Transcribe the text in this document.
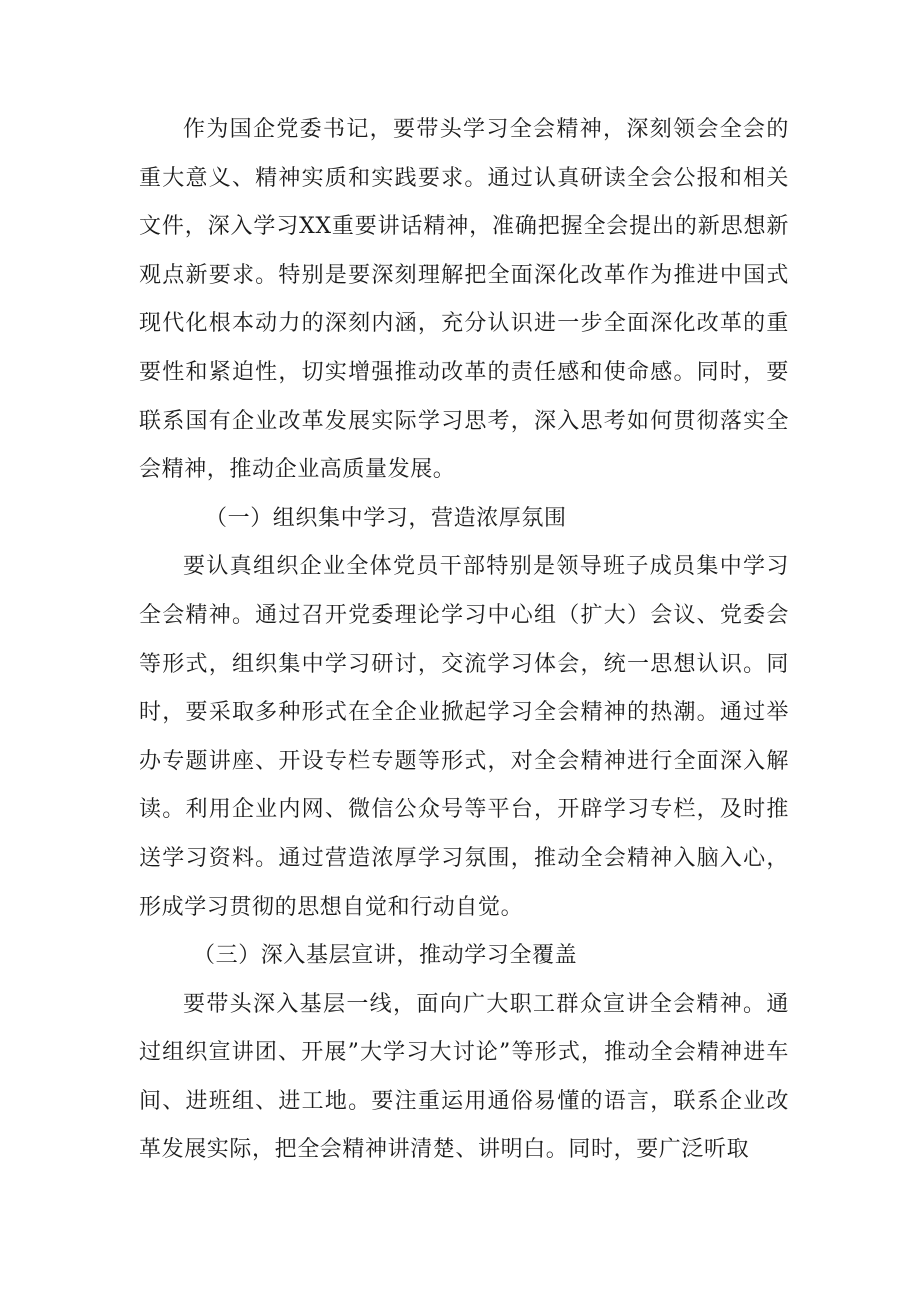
作为国企党委书记，要带头学习全会精神，深刻领会全会的重大意义、精神实质和实践要求。通过认真研读全会公报和相关文件，深入学习XX重要讲话精神，准确把握全会提出的新思想新观点新要求。特别是要深刻理解把全面深化改革作为推进中国式现代化根本动力的深刻内涵，充分认识进一步全面深化改革的重要性和紧迫性，切实增强推动改革的责任感和使命感。同时，要联系国有企业改革发展实际学习思考，深入思考如何贯彻落实全会精神，推动企业高质量发展。

（一）组织集中学习，营造浓厚氛围

要认真组织企业全体党员干部特别是领导班子成员集中学习全会精神。通过召开党委理论学习中心组（扩大）会议、党委会等形式，组织集中学习研讨，交流学习体会，统一思想认识。同时，要采取多种形式在全企业掀起学习全会精神的热潮。通过举办专题讲座、开设专栏专题等形式，对全会精神进行全面深入解读。利用企业内网、微信公众号等平台，开辟学习专栏，及时推送学习资料。通过营造浓厚学习氛围，推动全会精神入脑入心，形成学习贯彻的思想自觉和行动自觉。

（三）深入基层宣讲，推动学习全覆盖

要带头深入基层一线，面向广大职工群众宣讲全会精神。通过组织宣讲团、开展”大学习大讨论”等形式，推动全会精神进车间、进班组、进工地。要注重运用通俗易懂的语言，联系企业改革发展实际，把全会精神讲清楚、讲明白。同时，要广泛听取
